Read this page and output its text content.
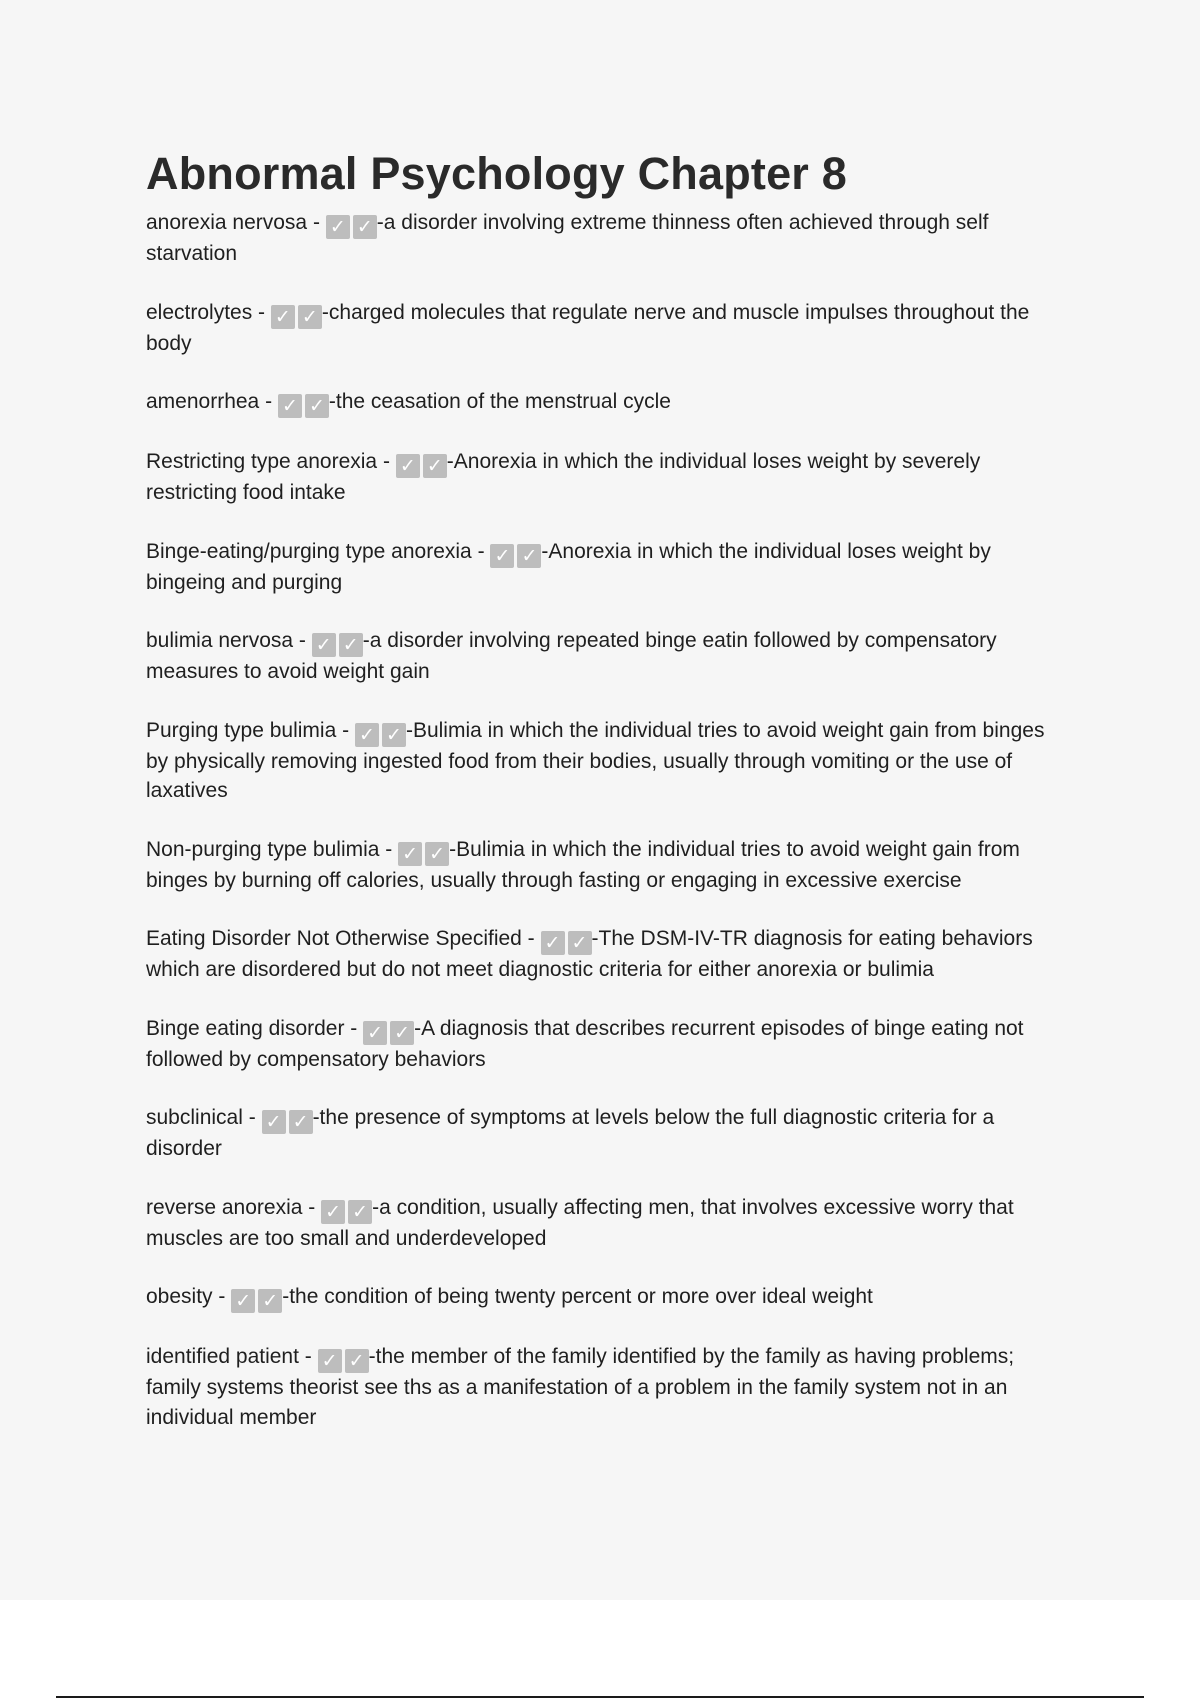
Abnormal Psychology Chapter 8

anorexia nervosa - ✓ ✓ -a disorder involving extreme thinness often achieved through self starvation

electrolytes - ✓ ✓ -charged molecules that regulate nerve and muscle impulses throughout the body

amenorrhea - ✓ ✓ -the ceasation of the menstrual cycle

Restricting type anorexia - ✓ ✓ -Anorexia in which the individual loses weight by severely restricting food intake

Binge-eating/purging type anorexia - ✓ ✓ -Anorexia in which the individual loses weight by bingeing and purging

bulimia nervosa - ✓ ✓ -a disorder involving repeated binge eatin followed by compensatory measures to avoid weight gain

Purging type bulimia - ✓ ✓ -Bulimia in which the individual tries to avoid weight gain from binges by physically removing ingested food from their bodies, usually through vomiting or the use of laxatives

Non-purging type bulimia - ✓ ✓ -Bulimia in which the individual tries to avoid weight gain from binges by burning off calories, usually through fasting or engaging in excessive exercise

Eating Disorder Not Otherwise Specified - ✓ ✓ -The DSM-IV-TR diagnosis for eating behaviors which are disordered but do not meet diagnostic criteria for either anorexia or bulimia

Binge eating disorder - ✓ ✓ -A diagnosis that describes recurrent episodes of binge eating not followed by compensatory behaviors

subclinical - ✓ ✓ -the presence of symptoms at levels below the full diagnostic criteria for a disorder

reverse anorexia - ✓ ✓ -a condition, usually affecting men, that involves excessive worry that muscles are too small and underdeveloped

obesity - ✓ ✓ -the condition of being twenty percent or more over ideal weight

identified patient - ✓ ✓ -the member of the family identified by the family as having problems; family systems theorist see ths as a manifestation of a problem in the family system not in an individual member
